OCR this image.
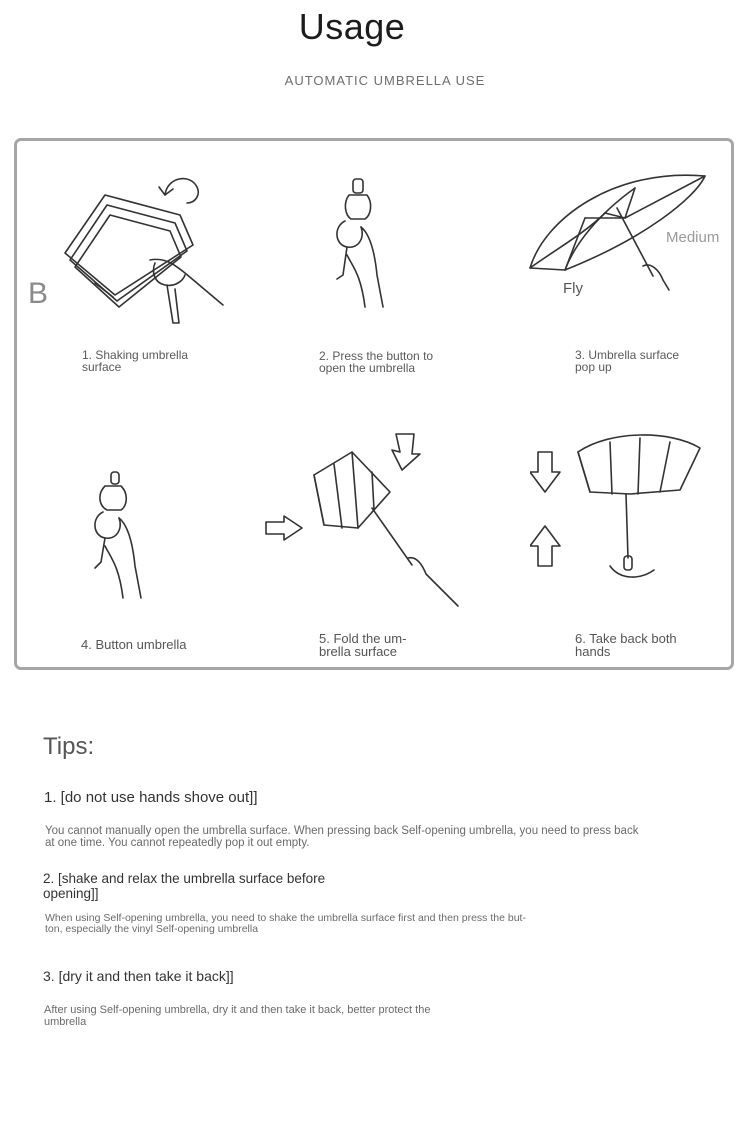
Usage
AUTOMATIC UMBRELLA USE
B
Medium
Fly
1. Shaking umbrella
surface
2. Press the button to
open the umbrella
3. Umbrella surface
pop up
4. Button umbrella	5. Fold the um-
brella surface
6. Take back both
hands
Tips:
1. [do not use hands shove out]]
You cannot manually open the umbrella surface. When pressing back Self-opening umbrella, you need to press back
at one time. You cannot repeatedly pop it out empty.
2. [shake and relax the umbrella surface before
opening]]
When using Self-opening umbrella, you need to shake the umbrella surface first and then press the but-
ton, especially the vinyl Self-opening umbrella
3. [dry it and then take it back]]
After using Self-opening umbrella, dry it and then take it back, better protect the
umbrella
